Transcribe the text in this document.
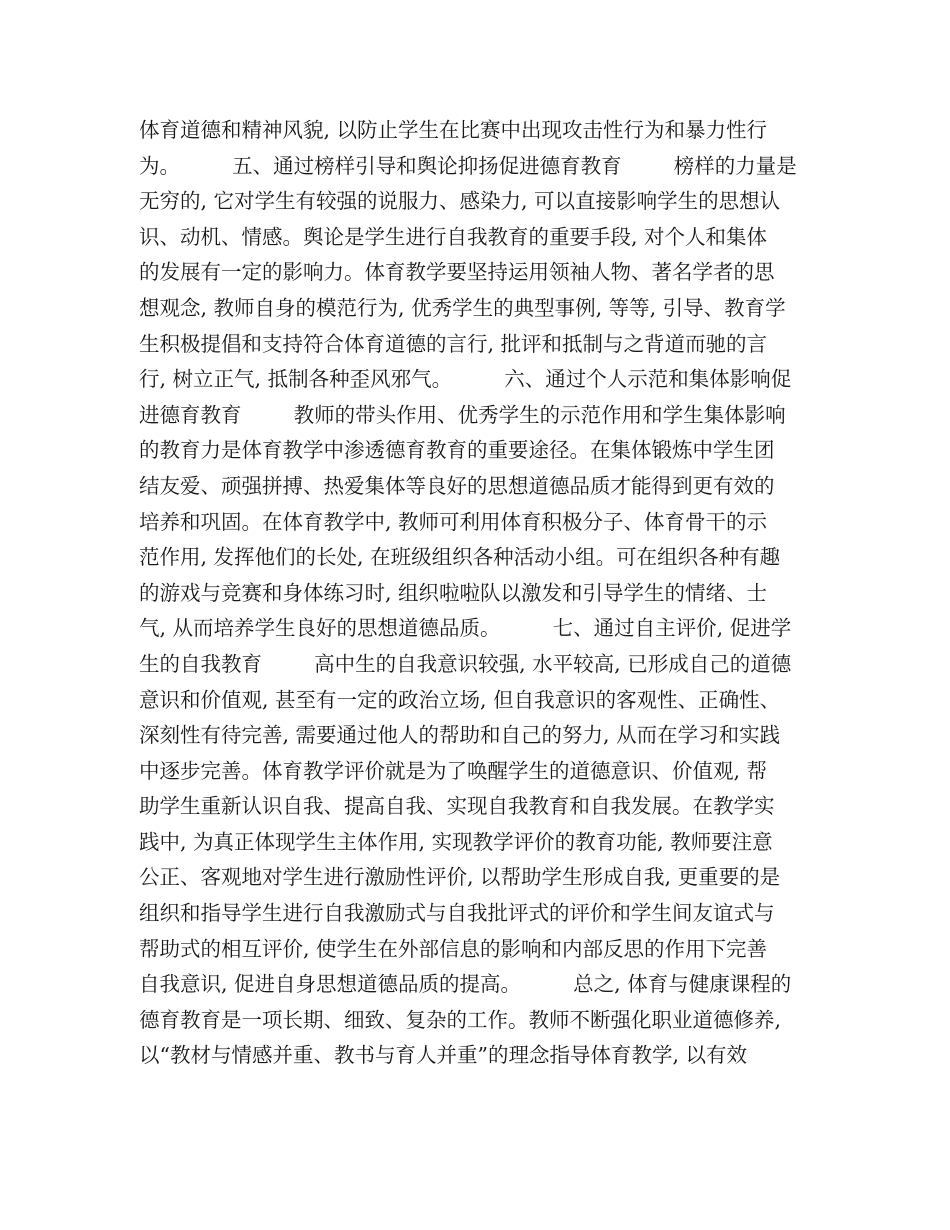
体育道德和精神风貌, 以防止学生在比赛中出现攻击性行为和暴力性行
为。        五、通过榜样引导和舆论抑扬促进德育教育        榜样的力量是
无穷的, 它对学生有较强的说服力、感染力, 可以直接影响学生的思想认
识、动机、情感。舆论是学生进行自我教育的重要手段, 对个人和集体
的发展有一定的影响力。体育教学要坚持运用领袖人物、著名学者的思
想观念, 教师自身的模范行为, 优秀学生的典型事例, 等等, 引导、教育学
生积极提倡和支持符合体育道德的言行, 批评和抵制与之背道而驰的言
行, 树立正气, 抵制各种歪风邪气。        六、通过个人示范和集体影响促
进德育教育        教师的带头作用、优秀学生的示范作用和学生集体影响
的教育力是体育教学中渗透德育教育的重要途径。在集体锻炼中学生团
结友爱、顽强拼搏、热爱集体等良好的思想道德品质才能得到更有效的
培养和巩固。在体育教学中, 教师可利用体育积极分子、体育骨干的示
范作用, 发挥他们的长处, 在班级组织各种活动小组。可在组织各种有趣
的游戏与竞赛和身体练习时, 组织啦啦队以激发和引导学生的情绪、士
气, 从而培养学生良好的思想道德品质。        七、通过自主评价, 促进学
生的自我教育        高中生的自我意识较强, 水平较高, 已形成自己的道德
意识和价值观, 甚至有一定的政治立场, 但自我意识的客观性、正确性、
深刻性有待完善, 需要通过他人的帮助和自己的努力, 从而在学习和实践
中逐步完善。体育教学评价就是为了唤醒学生的道德意识、价值观, 帮
助学生重新认识自我、提高自我、实现自我教育和自我发展。在教学实
践中, 为真正体现学生主体作用, 实现教学评价的教育功能, 教师要注意
公正、客观地对学生进行激励性评价, 以帮助学生形成自我, 更重要的是
组织和指导学生进行自我激励式与自我批评式的评价和学生间友谊式与
帮助式的相互评价, 使学生在外部信息的影响和内部反思的作用下完善
自我意识, 促进自身思想道德品质的提高。        总之, 体育与健康课程的
德育教育是一项长期、细致、复杂的工作。教师不断强化职业道德修养,
以“教材与情感并重、教书与育人并重”的理念指导体育教学, 以有效
